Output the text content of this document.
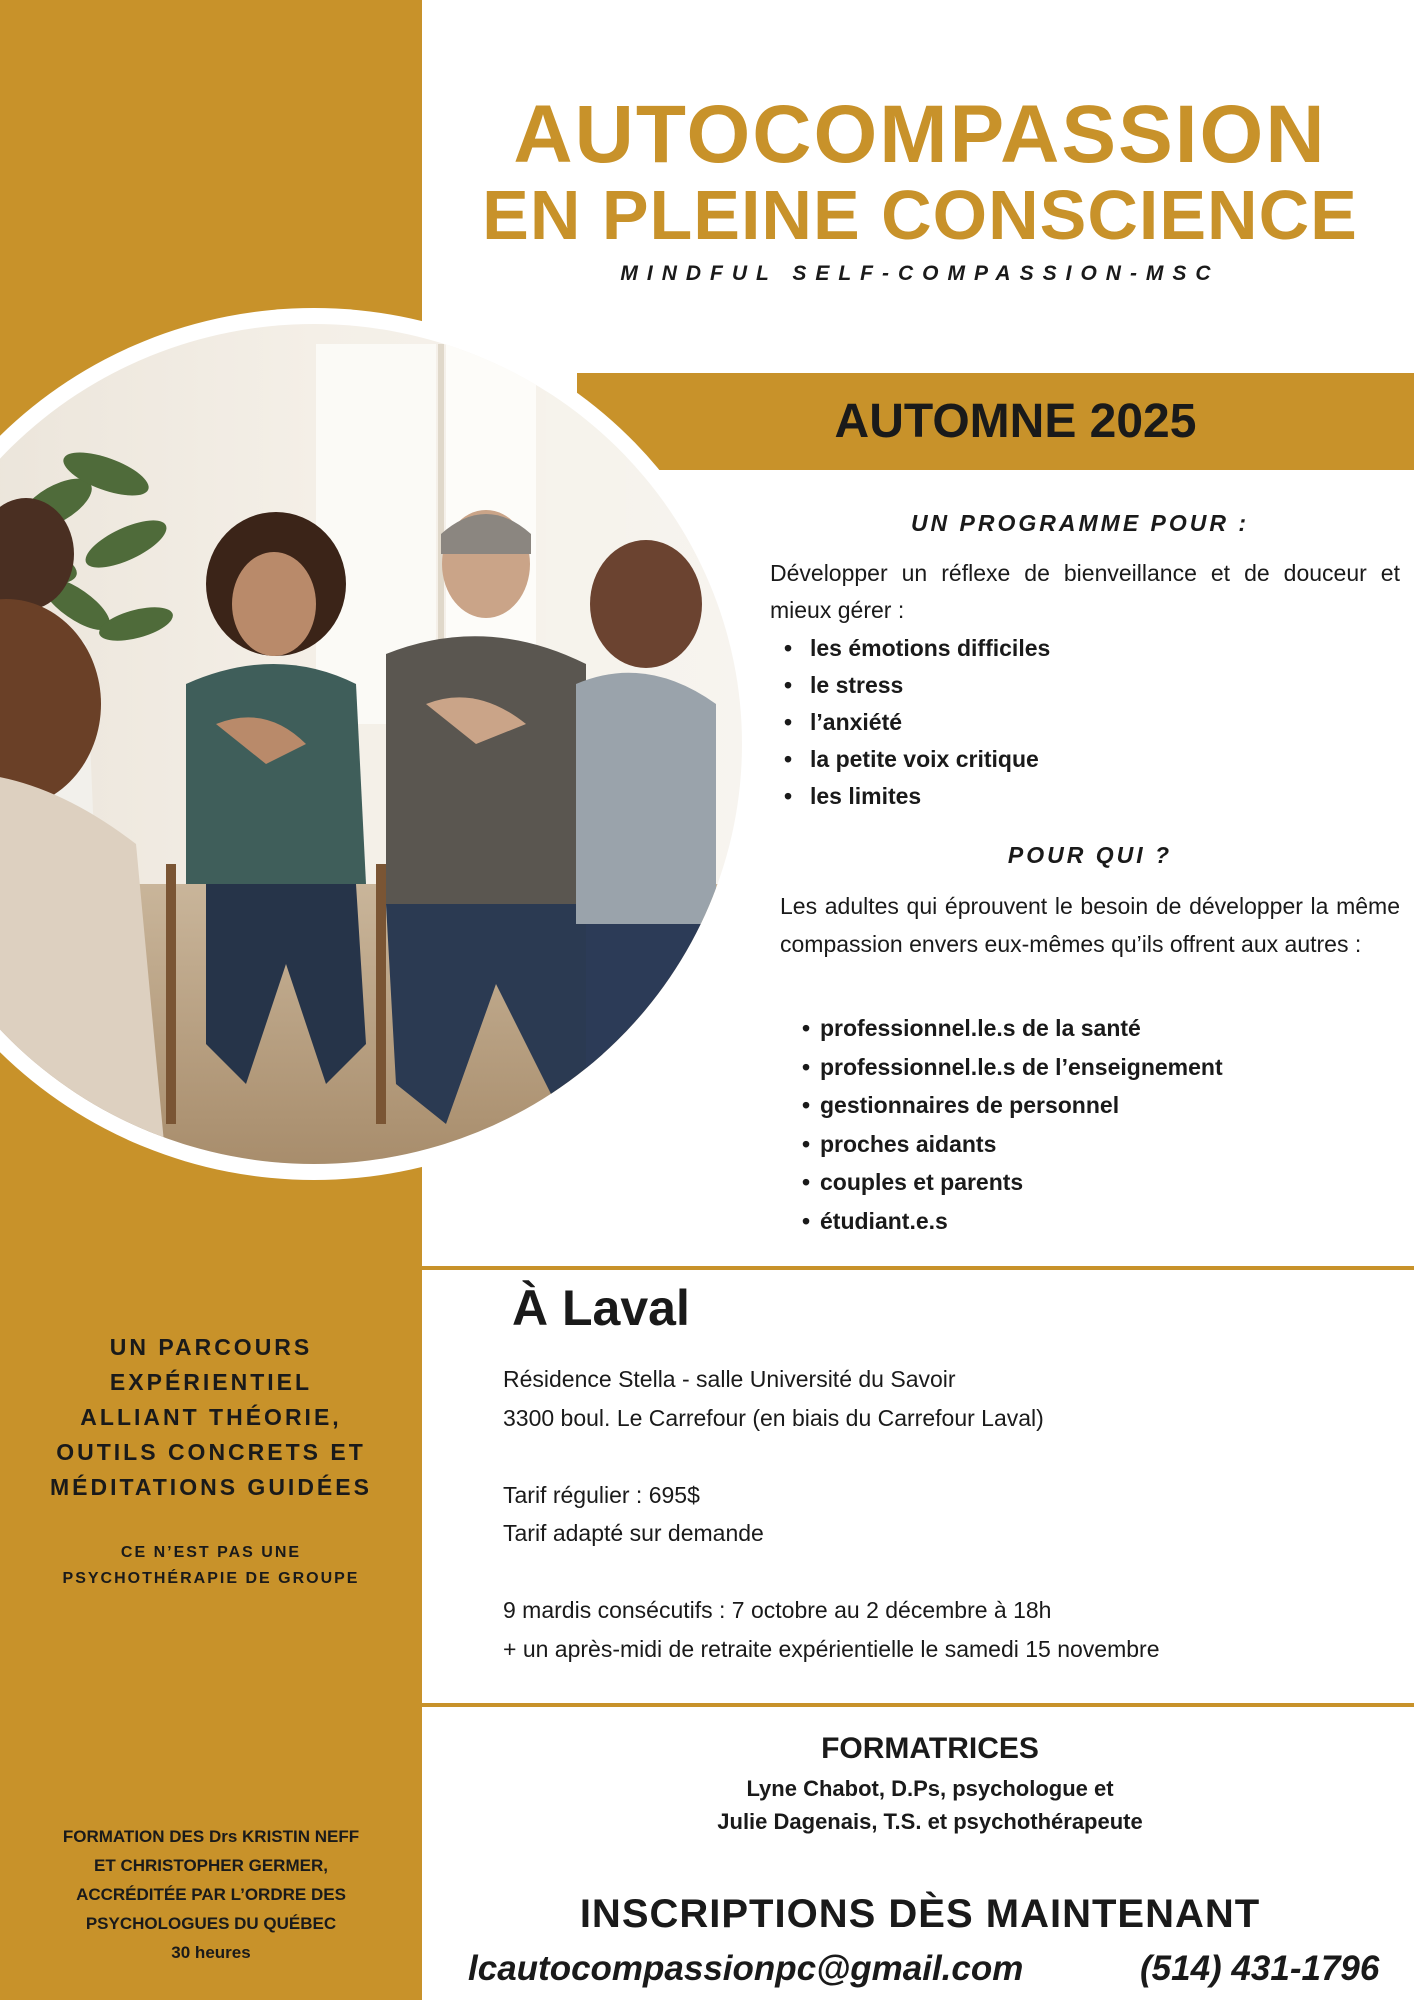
AUTOCOMPASSION
EN PLEINE CONSCIENCE
MINDFUL SELF-COMPASSION-MSC
AUTOMNE 2025
UN PROGRAMME POUR :
Développer un réflexe de bienveillance et de douceur et mieux gérer :
• les émotions difficiles
• le stress
• l’anxiété
• la petite voix critique
• les limites
POUR QUI ?
Les adultes qui éprouvent le besoin de développer la même compassion envers eux-mêmes qu’ils offrent aux autres :
• professionnel.le.s de la santé
• professionnel.le.s de l’enseignement
• gestionnaires de personnel
• proches aidants
• couples et parents
• étudiant.e.s
À Laval
Résidence Stella - salle Université du Savoir
3300 boul. Le Carrefour (en biais du Carrefour Laval)
Tarif régulier : 695$
Tarif adapté sur demande
9 mardis consécutifs : 7 octobre au 2 décembre à 18h
+ un après-midi de retraite expérientielle le samedi 15 novembre
UN PARCOURS
EXPÉRIENTIEL
ALLIANT THÉORIE,
OUTILS CONCRETS ET
MÉDITATIONS GUIDÉES
CE N’EST PAS UNE
PSYCHOTHÉRAPIE DE GROUPE
FORMATION DES Drs KRISTIN NEFF
ET CHRISTOPHER GERMER,
ACCRÉDITÉE PAR L’ORDRE DES
PSYCHOLOGUES DU QUÉBEC
30 heures
FORMATRICES
Lyne Chabot, D.Ps, psychologue et
Julie Dagenais, T.S. et psychothérapeute
INSCRIPTIONS DÈS MAINTENANT
lcautocompassionpc@gmail.com	(514) 431-1796
